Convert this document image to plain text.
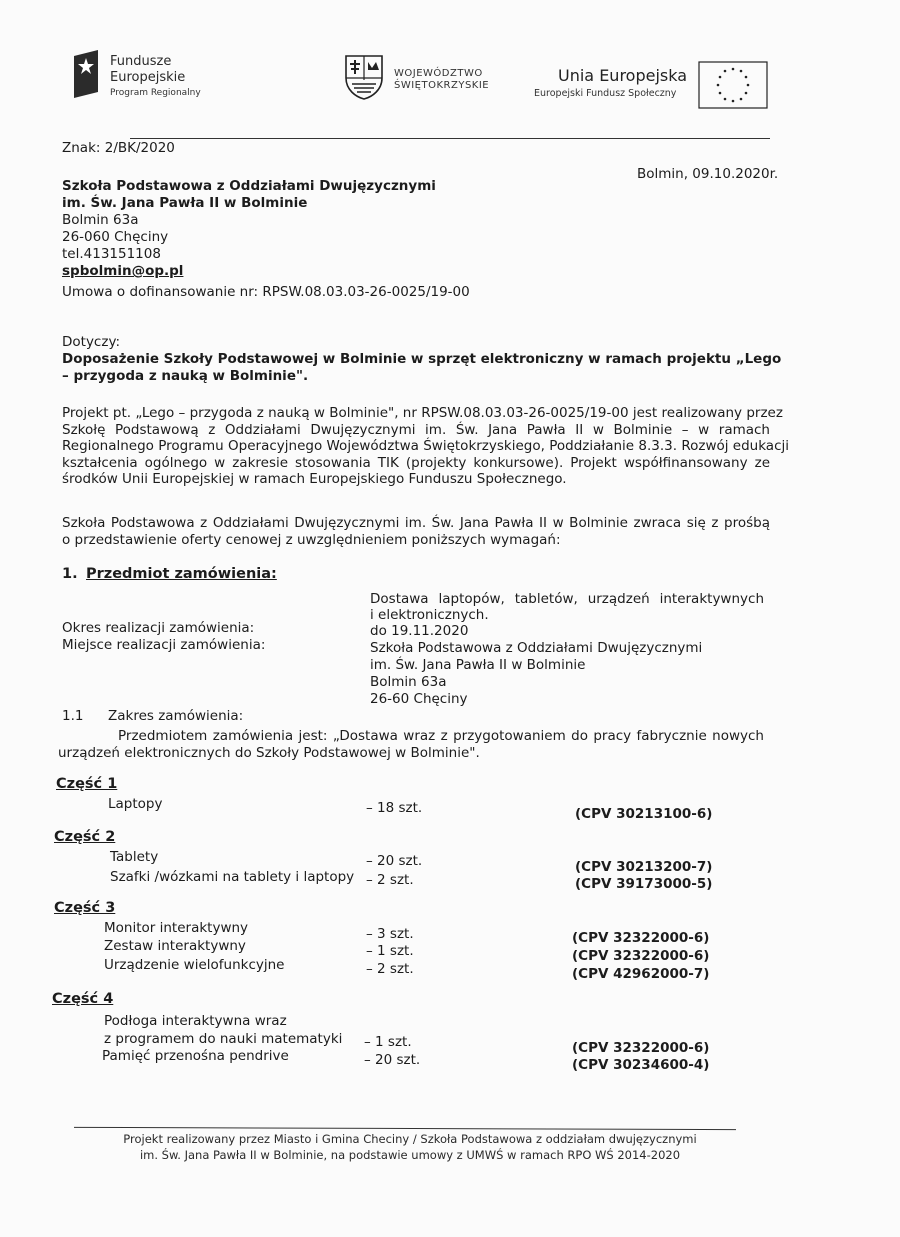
Fundusze
Europejskie
Program Regionalny
WOJEWÓDZTWO
ŚWIĘTOKRZYSKIE
Unia Europejska
Europejski Fundusz Społeczny
Znak: 2/BK/2020
Bolmin, 09.10.2020r.
Szkoła Podstawowa z Oddziałami Dwujęzycznymi
im. Św. Jana Pawła II w Bolminie
Bolmin 63a
26-060 Chęciny
tel.413151108
spbolmin@op.pl
Umowa o dofinansowanie nr: RPSW.08.03.03-26-0025/19-00
Dotyczy:
Doposażenie Szkoły Podstawowej w Bolminie w sprzęt elektroniczny w ramach projektu „Lego
– przygoda z nauką w Bolminie".
Projekt pt. „Lego – przygoda z nauką w Bolminie", nr RPSW.08.03.03-26-0025/19-00 jest realizowany przez
Szkołę Podstawową z Oddziałami Dwujęzycznymi im. Św. Jana Pawła II w Bolminie – w ramach
Regionalnego Programu Operacyjnego Województwa Świętokrzyskiego, Poddziałanie 8.3.3. Rozwój edukacji
kształcenia ogólnego w zakresie stosowania TIK (projekty konkursowe). Projekt współfinansowany ze
środków Unii Europejskiej w ramach Europejskiego Funduszu Społecznego.
Szkoła Podstawowa z Oddziałami Dwujęzycznymi im. Św. Jana Pawła II w Bolminie zwraca się z prośbą
o przedstawienie oferty cenowej z uwzględnieniem poniższych wymagań:
1. Przedmiot zamówienia:
Dostawa laptopów, tabletów, urządzeń interaktywnych
i elektronicznych.
Okres realizacji zamówienia:	do 19.11.2020
Miejsce realizacji zamówienia:	Szkoła Podstawowa z Oddziałami Dwujęzycznymi
im. Św. Jana Pawła II w Bolminie
Bolmin 63a
26-60 Chęciny
1.1 Zakres zamówienia:
Przedmiotem zamówienia jest: „Dostawa wraz z przygotowaniem do pracy fabrycznie nowych
urządzeń elektronicznych do Szkoły Podstawowej w Bolminie".
Część 1
Laptopy	– 18 szt.	(CPV 30213100-6)
Część 2
Tablety	– 20 szt.	(CPV 30213200-7)
Szafki /wózkami na tablety i laptopy – 2 szt.	(CPV 39173000-5)
Część 3
Monitor interaktywny	– 3 szt.	(CPV 32322000-6)
Zestaw interaktywny	– 1 szt.	(CPV 32322000-6)
Urządzenie wielofunkcyjne	– 2 szt.	(CPV 42962000-7)
Część 4
Podłoga interaktywna wraz
z programem do nauki matematyki – 1 szt.	(CPV 32322000-6)
Pamięć przenośna pendrive	– 20 szt.	(CPV 30234600-4)
Projekt realizowany przez Miasto i Gmina Checiny / Szkoła Podstawowa z oddziałam dwujęzycznymi
im. Św. Jana Pawła II w Bolminie, na podstawie umowy z UMWŚ w ramach RPO WŚ 2014-2020
